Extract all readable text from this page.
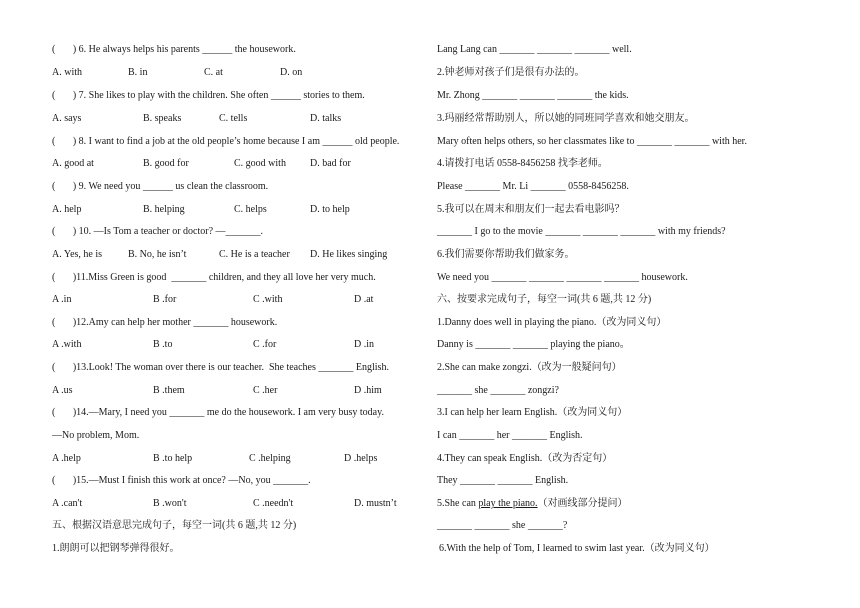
(       ) 6. He always helps his parents ______ the housework.
A. with	B. in	C. at	D. on
(       ) 7. She likes to play with the children. She often ______ stories to them.
A. says	B. speaks	C. tells	D. talks
(       ) 8. I want to find a job at the old people’s home because I am ______ old people.
A. good at	B. good for	C. good with D. bad for
(       ) 9. We need you ______ us clean the classroom.
A. help	B. helping	C. helps	D. to help
(       ) 10. —Is Tom a teacher or doctor? —_______.
A. Yes, he is	B. No, he isn’t	C. He is a teacher D. He likes singing
(       )11.Miss Green is good  _______ children, and they all love her very much.
A .in	B .for	C .with	D .at
(       )12.Amy can help her mother _______ housework.
A .with	B .to	C .for	D .in
(       )13.Look! The woman over there is our teacher.  She teaches _______ English.
A .us	B .them	C .her	D .him
(       )14.—Mary, I need you _______ me do the housework. I am very busy today.
—No problem, Mom.
A .help	B .to help	C .helping	D .helps
(       )15.—Must I finish this work at once? —No, you _______.
A .can't	B .won't	C .needn't	D. mustn’t
五、根据汉语意思完成句子，每空一词(共 6 题,共 12 分)
1.朗朗可以把钢琴弹得很好。
Lang Lang can _______ _______ _______ well.
2.钟老师对孩子们是很有办法的。
Mr. Zhong _______ _______ _______ the kids.
3.玛丽经常帮助别人，所以她的同班同学喜欢和她交朋友。
Mary often helps others, so her classmates like to _______ _______ with her.
4.请拨打电话 0558-8456258 找李老师。
Please _______ Mr. Li _______ 0558-8456258.
5.我可以在周末和朋友们一起去看电影吗？
_______ I go to the movie _______ _______ _______ with my friends?
6.我们需要你帮助我们做家务。
We need you _______ _______ _______ _______ housework.
六、按要求完成句子，每空一词(共 6 题,共 12 分)
1.Danny does well in playing the piano.（改为同义句）
Danny is _______ _______ playing the piano。
2.She can make zongzi.（改为一般疑问句）
_______ she _______ zongzi?
3.I can help her learn English.（改为同义句）
I can _______ her _______ English.
4.They can speak English.（改为否定句）
They _______ _______ English.
5.She can play the piano.（对画线部分提问）
_______ _______ she _______?
6.With the help of Tom, I learned to swim last year.（改为同义句）
